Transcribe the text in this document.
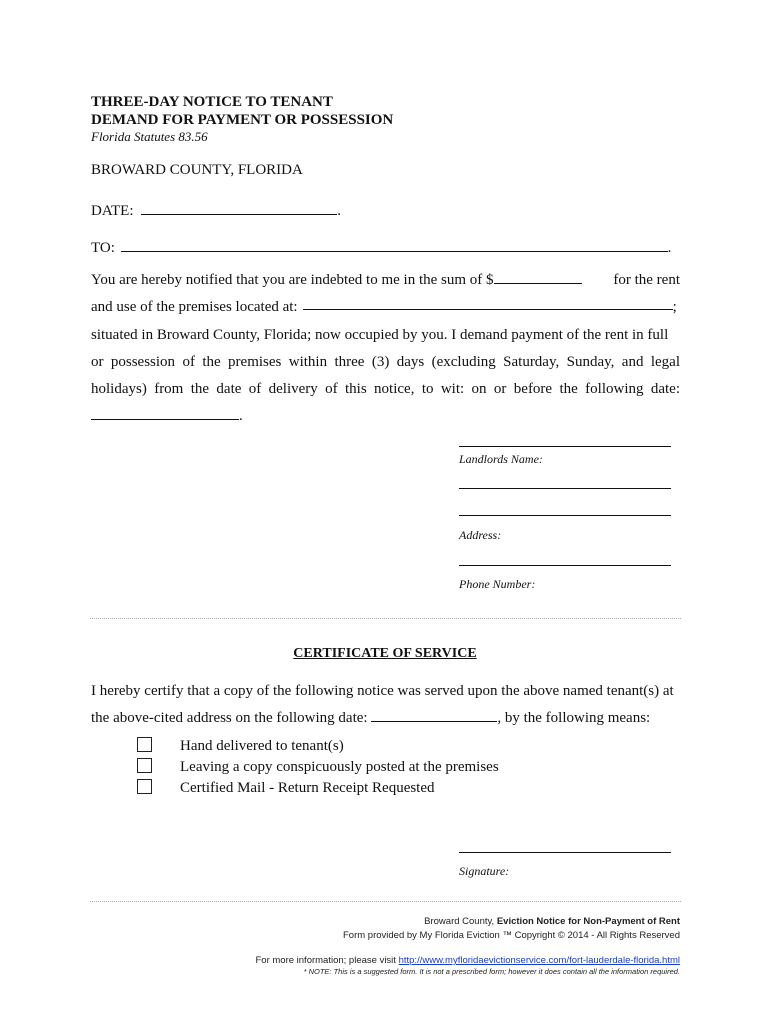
THREE-DAY NOTICE TO TENANT
DEMAND FOR PAYMENT OR POSSESSION
Florida Statutes 83.56
BROWARD COUNTY, FLORIDA
DATE:	.
TO:	.
You are hereby notified that you are indebted to me in the sum of $	for the rent
and use of the premises located at:	;
situated in Broward County, Florida; now occupied by you. I demand payment of the rent in full
or possession of the premises within three (3) days (excluding Saturday, Sunday, and legal
holidays) from the date of delivery of this notice, to wit: on or before the following date:
.
Landlords Name:
Address:
Phone Number:
CERTIFICATE OF SERVICE
I hereby certify that a copy of the following notice was served upon the above named tenant(s) at
the above-cited address on the following date:	, by the following means:
Hand delivered to tenant(s)
Leaving a copy conspicuously posted at the premises
Certified Mail - Return Receipt Requested
Signature:
Broward County, Eviction Notice for Non-Payment of Rent
Form provided by My Florida Eviction ™ Copyright © 2014 - All Rights Reserved
For more information; please visit http://www.myfloridaevictionservice.com/fort-lauderdale-florida.html
* NOTE: This is a suggested form. It is not a prescribed form; however it does contain all the information required.
